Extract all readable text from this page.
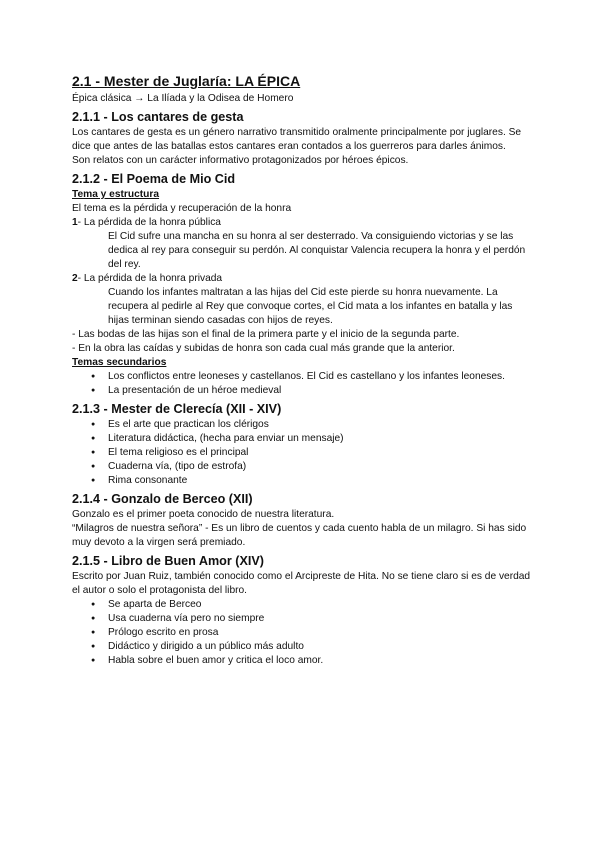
2.1 - Mester de Juglaría: LA ÉPICA

Épica clásica → La Ilíada y la Odisea de Homero

2.1.1 - Los cantares de gesta

Los cantares de gesta es un género narrativo transmitido oralmente principalmente por juglares. Se dice que antes de las batallas estos cantares eran contados a los guerreros para darles ánimos.

Son relatos con un carácter informativo protagonizados por héroes épicos.

2.1.2 - El Poema de Mio Cid

Tema y estructura

El tema es la pérdida y recuperación de la honra

1- La pérdida de la honra pública

El Cid sufre una mancha en su honra al ser desterrado. Va consiguiendo victorias y se las dedica al rey para conseguir su perdón. Al conquistar Valencia recupera la honra y el perdón del rey.

2- La pérdida de la honra privada

Cuando los infantes maltratan a las hijas del Cid este pierde su honra nuevamente. La recupera al pedirle al Rey que convoque cortes, el Cid mata a los infantes en batalla y las hijas terminan siendo casadas con hijos de reyes.

- Las bodas de las hijas son el final de la primera parte y el inicio de la segunda parte.

- En la obra las caídas y subidas de honra son cada cual más grande que la anterior.

Temas secundarios

● Los conflictos entre leoneses y castellanos. El Cid es castellano y los infantes leoneses.
● La presentación de un héroe medieval
2.1.3 - Mester de Clerecía (XII - XIV)
● Es el arte que practican los clérigos
● Literatura didáctica, (hecha para enviar un mensaje)
● El tema religioso es el principal
● Cuaderna vía, (tipo de estrofa)
● Rima consonante
2.1.4 - Gonzalo de Berceo (XII)

Gonzalo es el primer poeta conocido de nuestra literatura.

“Milagros de nuestra señora” - Es un libro de cuentos y cada cuento habla de un milagro. Si has sido muy devoto a la virgen será premiado.

2.1.5 - Libro de Buen Amor (XIV)

Escrito por Juan Ruiz, también conocido como el Arcipreste de Hita. No se tiene claro si es de verdad el autor o solo el protagonista del libro.

● Se aparta de Berceo
● Usa cuaderna vía pero no siempre
● Prólogo escrito en prosa
● Didáctico y dirigido a un público más adulto
● Habla sobre el buen amor y critica el loco amor.
